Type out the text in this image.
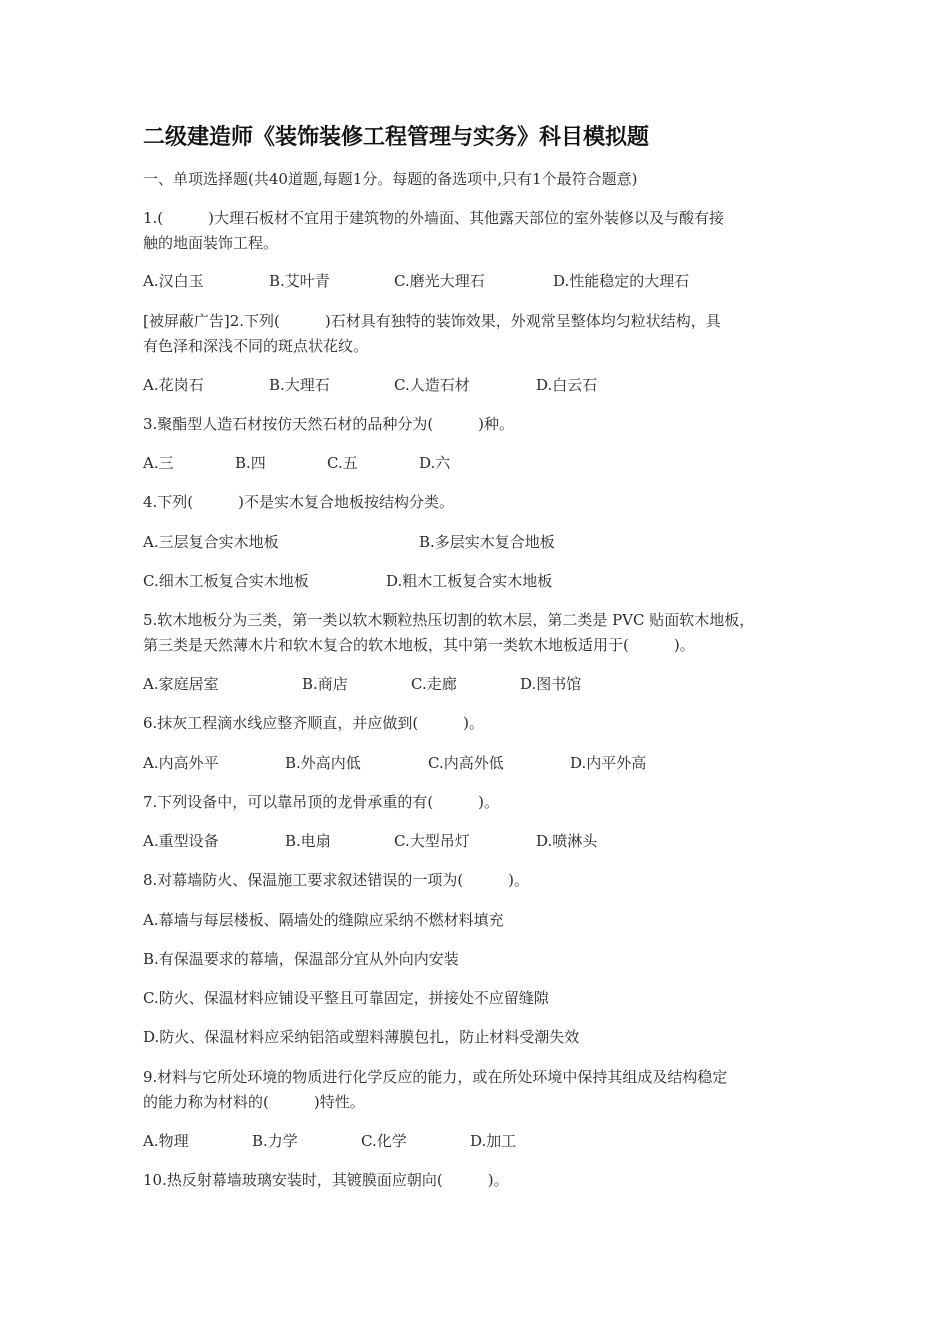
二级建造师《装饰装修工程管理与实务》科目模拟题
一、单项选择题(共40道题,每题1分。每题的备选项中,只有1个最符合题意)
1.(　　　)大理石板材不宜用于建筑物的外墙面、其他露天部位的室外装修以及与酸有接
触的地面装饰工程。
A.汉白玉	B.艾叶青	C.磨光大理石	D.性能稳定的大理石
[被屏蔽广告]2.下列(　　　)石材具有独特的装饰效果，外观常呈整体均匀粒状结构，具
有色泽和深浅不同的斑点状花纹。
A.花岗石	B.大理石	C.人造石材	D.白云石
3.聚酯型人造石材按仿天然石材的品种分为(　　　)种。
A.三	B.四	C.五	D.六
4.下列(　　　)不是实木复合地板按结构分类。
A.三层复合实木地板	B.多层实木复合地板
C.细木工板复合实木地板	D.粗木工板复合实木地板
5.软木地板分为三类，第一类以软木颗粒热压切割的软木层，第二类是 PVC 贴面软木地板，
第三类是天然薄木片和软木复合的软木地板，其中第一类软木地板适用于(　　　)。
A.家庭居室	B.商店	C.走廊	D.图书馆
6.抹灰工程滴水线应整齐顺直，并应做到(　　　)。
A.内高外平	B.外高内低	C.内高外低	D.内平外高
7.下列设备中，可以靠吊顶的龙骨承重的有(　　　)。
A.重型设备	B.电扇	C.大型吊灯	D.喷淋头
8.对幕墙防火、保温施工要求叙述错误的一项为(　　　)。
A.幕墙与每层楼板、隔墙处的缝隙应采纳不燃材料填充
B.有保温要求的幕墙，保温部分宜从外向内安装
C.防火、保温材料应铺设平整且可靠固定，拼接处不应留缝隙
D.防火、保温材料应采纳铝箔或塑料薄膜包扎，防止材料受潮失效
9.材料与它所处环境的物质进行化学反应的能力，或在所处环境中保持其组成及结构稳定
的能力称为材料的(　　　)特性。
A.物理	B.力学	C.化学	D.加工
10.热反射幕墙玻璃安装时，其镀膜面应朝向(　　　)。
